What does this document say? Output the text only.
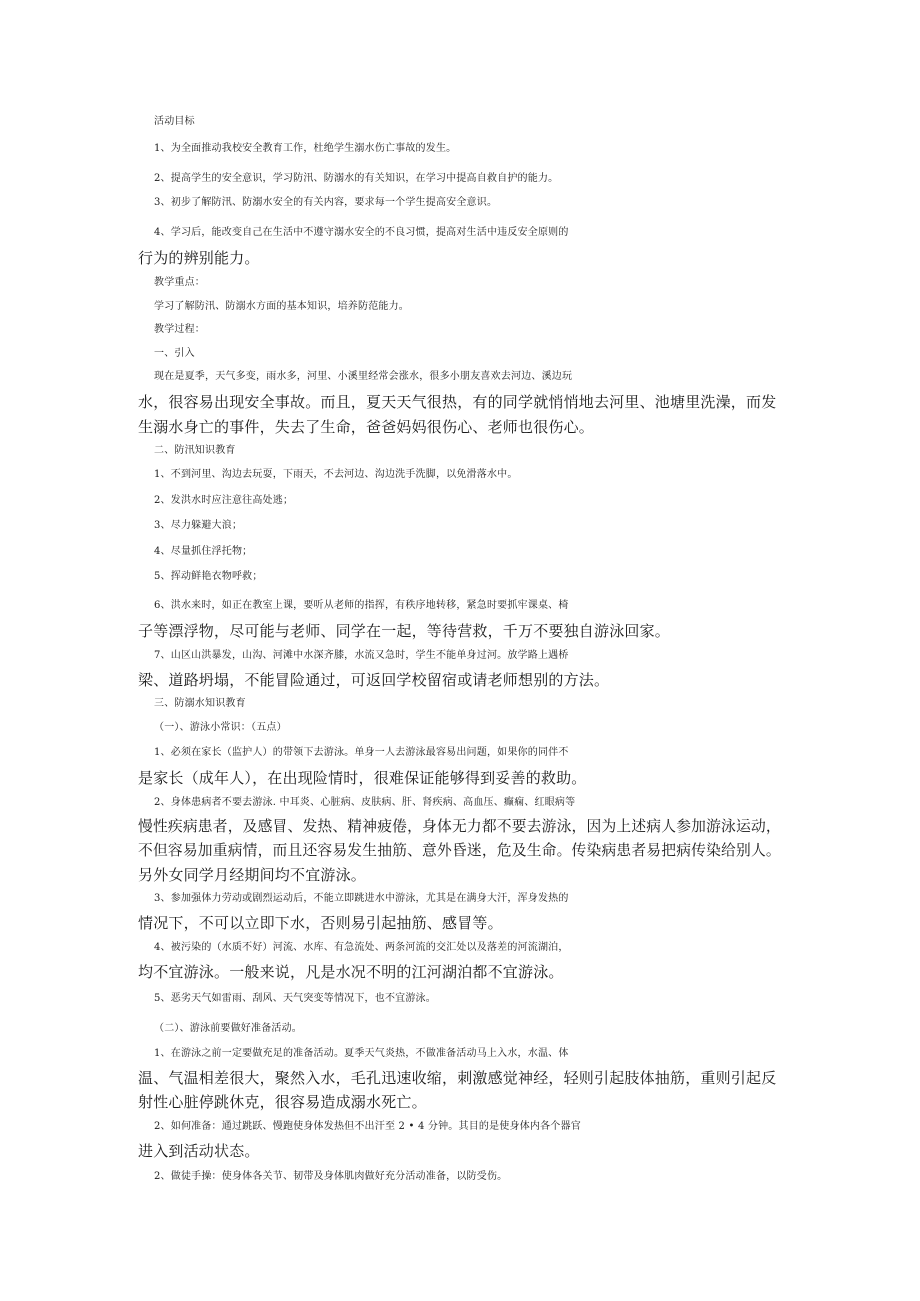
活动目标

1、为全面推动我校安全教育工作，杜绝学生溺水伤亡事故的发生。

2、提高学生的安全意识，学习防汛、防溺水的有关知识，在学习中提高自救自护的能力。

3、初步了解防汛、防溺水安全的有关内容，要求每一个学生提高安全意识。

4、学习后，能改变自己在生活中不遵守溺水安全的不良习惯，提高对生活中违反安全原则的

行为的辨别能力。

教学重点：

学习了解防汛、防溺水方面的基本知识，培养防范能力。

教学过程：

一、引入

现在是夏季，天气多变，雨水多，河里、小溪里经常会涨水，很多小朋友喜欢去河边、溪边玩

水，很容易出现安全事故。而且，夏天天气很热，有的同学就悄悄地去河里、池塘里洗澡，而发

生溺水身亡的事件，失去了生命，爸爸妈妈很伤心、老师也很伤心。

二、防汛知识教育

1、不到河里、沟边去玩耍，下雨天，不去河边、沟边洗手洗脚，以免滑落水中。

2、发洪水时应注意往高处逃；

3、尽力躲避大浪；

4、尽量抓住浮托物；

5、挥动鲜艳衣物呼救；

6、洪水来时，如正在教室上课，要听从老师的指挥，有秩序地转移，紧急时要抓牢课桌、椅

子等漂浮物，尽可能与老师、同学在一起，等待营救，千万不要独自游泳回家。

7、山区山洪暴发，山沟、河滩中水深齐膝，水流又急时，学生不能单身过河。放学路上遇桥

梁、道路坍塌，不能冒险通过，可返回学校留宿或请老师想别的方法。

三、防溺水知识教育

（一）、游泳小常识：（五点）

1、必须在家长（监护人）的带领下去游泳。单身一人去游泳最容易出问题，如果你的同伴不

是家长（成年人），在出现险情时，很难保证能够得到妥善的救助。

2、身体患病者不要去游泳. 中耳炎、心脏病、皮肤病、肝、肾疾病、高血压、癫痫、红眼病等

慢性疾病患者，及感冒、发热、精神疲倦，身体无力都不要去游泳，因为上述病人参加游泳运动，

不但容易加重病情，而且还容易发生抽筋、意外昏迷，危及生命。传染病患者易把病传染给别人。

另外女同学月经期间均不宜游泳。

3、参加强体力劳动或剧烈运动后，不能立即跳进水中游泳，尤其是在满身大汗，浑身发热的

情况下，不可以立即下水，否则易引起抽筋、感冒等。

4、被污染的（水质不好）河流、水库、有急流处、两条河流的交汇处以及落差的河流湖泊，

均不宜游泳。一般来说，凡是水况不明的江河湖泊都不宜游泳。

5、恶劣天气如雷雨、刮风、天气突变等情况下，也不宜游泳。

（二）、游泳前要做好准备活动。

1、在游泳之前一定要做充足的准备活动。夏季天气炎热，不做准备活动马上入水，水温、体

温、气温相差很大，聚然入水，毛孔迅速收缩，刺激感觉神经，轻则引起肢体抽筋，重则引起反

射性心脏停跳休克，很容易造成溺水死亡。

2、如何准备：通过跳跃、慢跑使身体发热但不出汗至 2 • 4 分钟。其目的是使身体内各个器官

进入到活动状态。

2、做徒手操：使身体各关节、韧带及身体肌肉做好充分活动准备，以防受伤。
